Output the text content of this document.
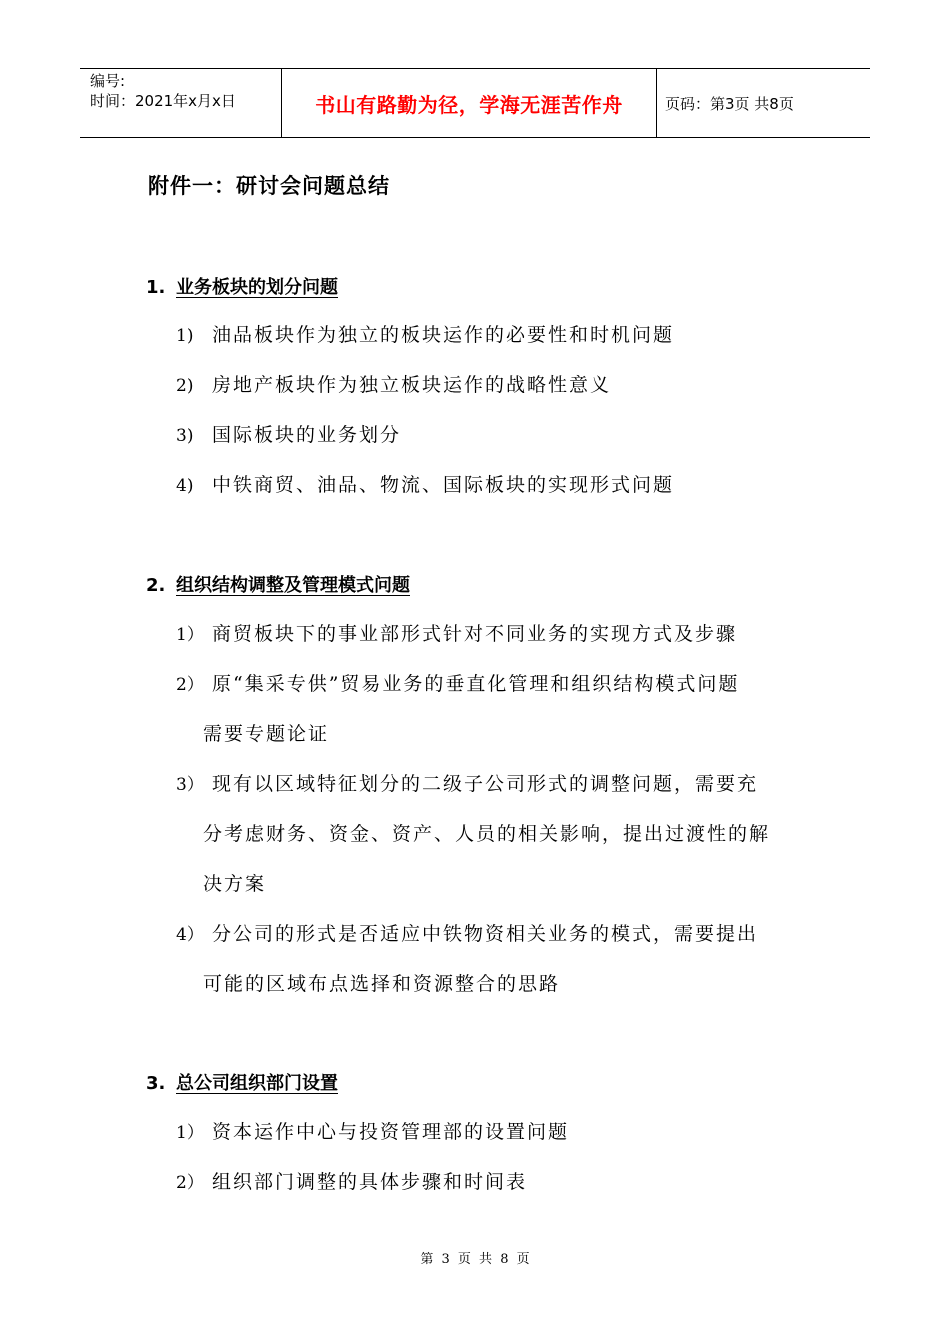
编号:
时间：2021年x月x日	书山有路勤为径，学海无涯苦作舟	页码：第3页 共8页
附件一：研讨会问题总结
1. 业务板块的划分问题
1) 油品板块作为独立的板块运作的必要性和时机问题
2) 房地产板块作为独立板块运作的战略性意义
3) 国际板块的业务划分
4) 中铁商贸、油品、物流、国际板块的实现形式问题
2. 组织结构调整及管理模式问题
1） 商贸板块下的事业部形式针对不同业务的实现方式及步骤
2） 原“集采专供”贸易业务的垂直化管理和组织结构模式问题
需要专题论证
3） 现有以区域特征划分的二级子公司形式的调整问题，需要充
分考虑财务、资金、资产、人员的相关影响，提出过渡性的解
决方案
4） 分公司的形式是否适应中铁物资相关业务的模式，需要提出
可能的区域布点选择和资源整合的思路
3. 总公司组织部门设置
1） 资本运作中心与投资管理部的设置问题
2） 组织部门调整的具体步骤和时间表
第 3 页 共 8 页
